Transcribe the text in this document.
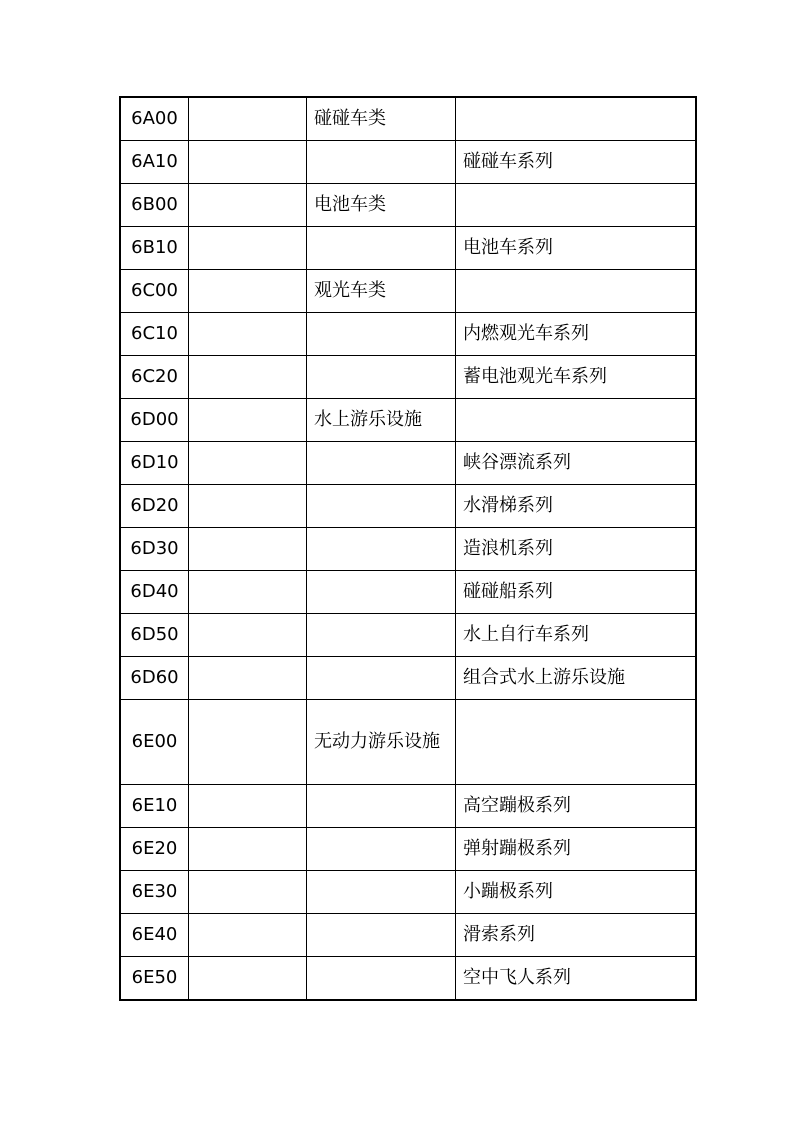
6A00		碰碰车类	
6A10			碰碰车系列
6B00		电池车类	
6B10			电池车系列
6C00		观光车类	
6C10			内燃观光车系列
6C20			蓄电池观光车系列
6D00		水上游乐设施	
6D10			峡谷漂流系列
6D20			水滑梯系列
6D30			造浪机系列
6D40			碰碰船系列
6D50			水上自行车系列
6D60			组合式水上游乐设施
6E00		无动力游乐设施	

6E10			高空蹦极系列
6E20			弹射蹦极系列
6E30			小蹦极系列
6E40			滑索系列
6E50			空中飞人系列
